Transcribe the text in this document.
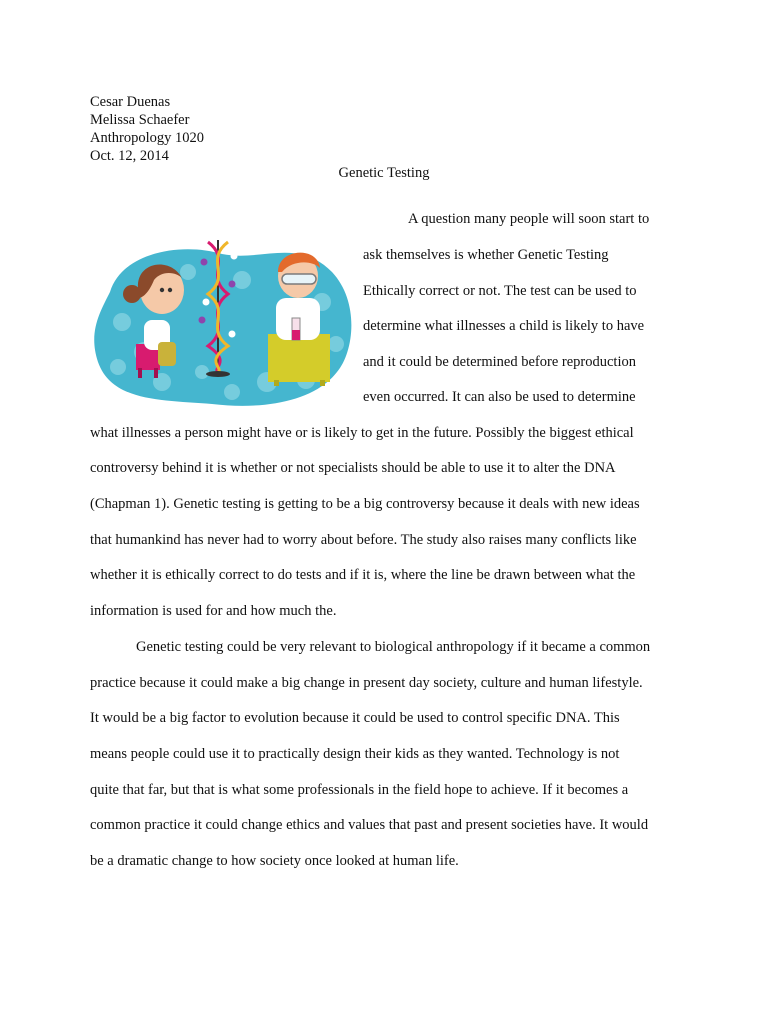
Cesar Duenas
Melissa Schaefer
Anthropology 1020
Oct. 12, 2014
Genetic Testing
A question many people will soon start to
ask themselves is whether Genetic Testing
Ethically correct or not. The test can be used to
determine what illnesses a child is likely to have
and it could be determined before reproduction
even occurred. It can also be used to determine
what illnesses a person might have or is likely to get in the future. Possibly the biggest ethical
controversy behind it is whether or not specialists should be able to use it to alter the DNA
(Chapman 1). Genetic testing is getting to be a big controversy because it deals with new ideas
that humankind has never had to worry about before. The study also raises many conflicts like
whether it is ethically correct to do tests and if it is, where the line be drawn between what the
information is used for and how much the.
Genetic testing could be very relevant to biological anthropology if it became a common
practice because it could make a big change in present day society, culture and human lifestyle.
It would be a big factor to evolution because it could be used to control specific DNA. This
means people could use it to practically design their kids as they wanted. Technology is not
quite that far, but that is what some professionals in the field hope to achieve. If it becomes a
common practice it could change ethics and values that past and present societies have. It would
be a dramatic change to how society once looked at human life.
